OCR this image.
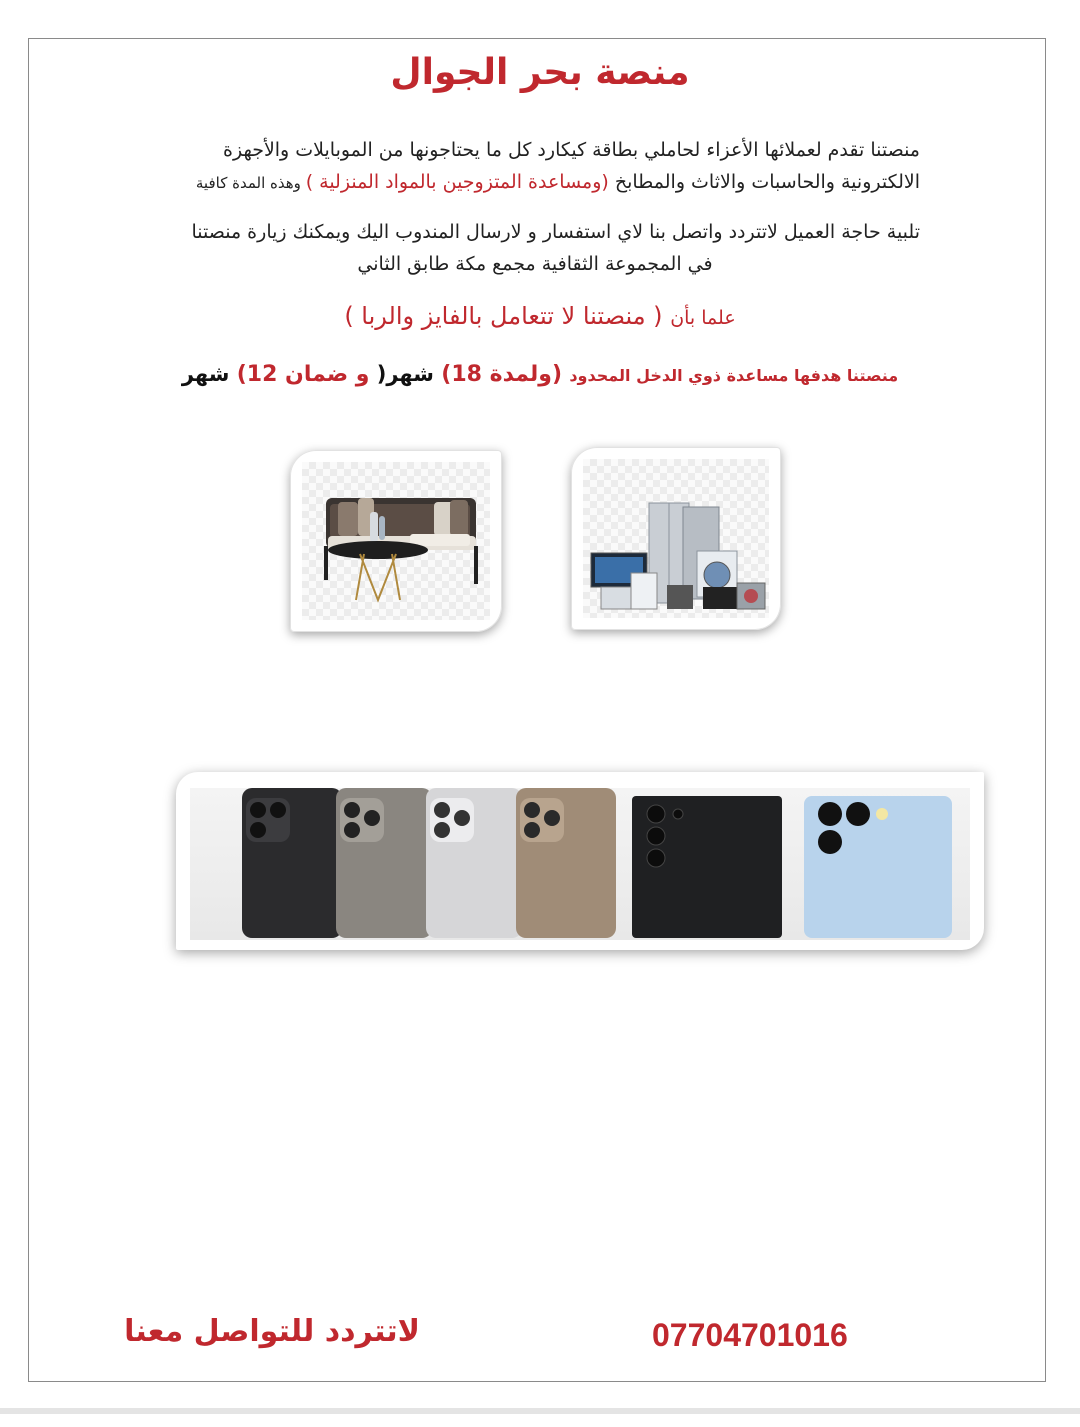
منصة بحر الجوال
منصتنا تقدم لعملائها الأعزاء لحاملي بطاقة كيكارد كل ما يحتاجونها من الموبايلات والأجهزة
الالكترونية والحاسبات والاثاث والمطابخ (ومساعدة المتزوجين بالمواد المنزلية ) وهذه المدة كافية
تلبية حاجة العميل لاتتردد واتصل بنا لاي استفسار و لارسال المندوب اليك ويمكنك زيارة منصتنا
في المجموعة الثقافية مجمع مكة طابق الثاني
علما بأن ( منصتنا لا تتعامل بالفايز والربا )
منصتنا هدفها مساعدة ذوي الدخل المحدود (ولمدة 18) شهر( و ضمان 12) شهر
07704701016
لاتتردد للتواصل معنا
